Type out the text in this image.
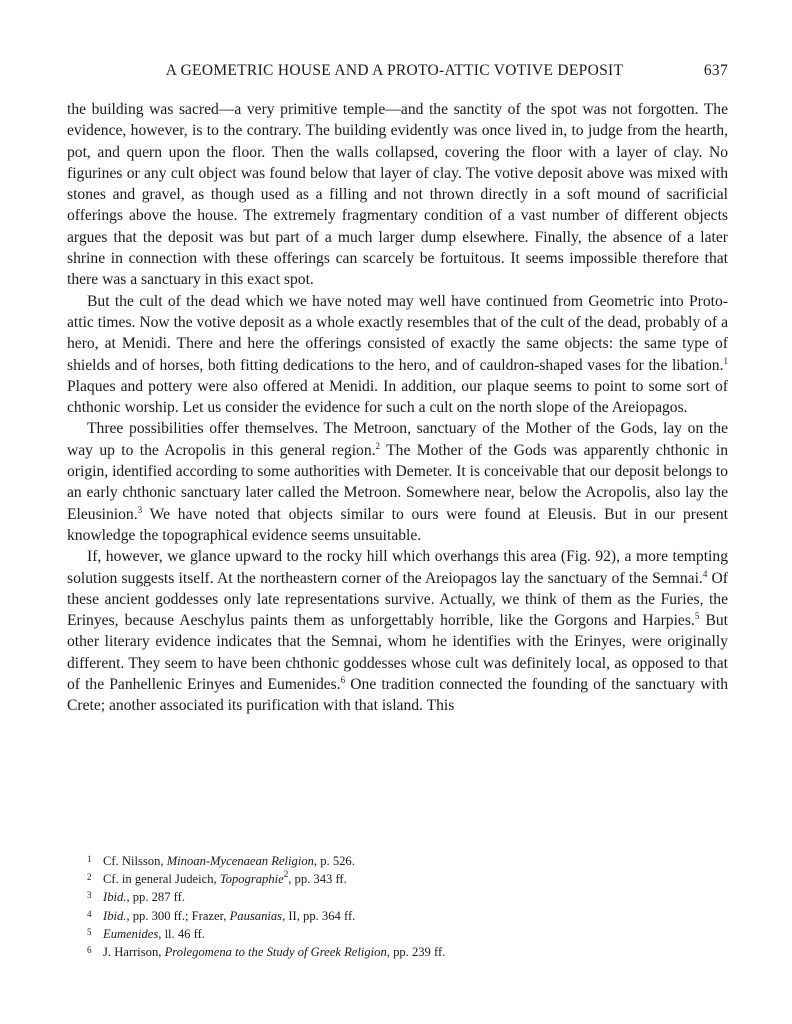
A GEOMETRIC HOUSE AND A PROTO-ATTIC VOTIVE DEPOSIT	637

the building was sacred—a very primitive temple—and the sanctity of the spot was not forgotten. The evidence, however, is to the contrary. The building evidently was once lived in, to judge from the hearth, pot, and quern upon the floor. Then the walls collapsed, covering the floor with a layer of clay. No figurines or any cult object was found below that layer of clay. The votive deposit above was mixed with stones and gravel, as though used as a filling and not thrown directly in a soft mound of sacrificial offerings above the house. The extremely fragmentary condition of a vast number of different objects argues that the deposit was but part of a much larger dump elsewhere. Finally, the absence of a later shrine in connection with these offerings can scarcely be fortuitous. It seems impossible therefore that there was a sanctuary in this exact spot.

But the cult of the dead which we have noted may well have continued from Geometric into Proto-attic times. Now the votive deposit as a whole exactly resembles that of the cult of the dead, probably of a hero, at Menidi. There and here the offerings consisted of exactly the same objects: the same type of shields and of horses, both fitting dedications to the hero, and of cauldron-shaped vases for the libation.$^1$ Plaques and pottery were also offered at Menidi. In addition, our plaque seems to point to some sort of chthonic worship. Let us consider the evidence for such a cult on the north slope of the Areiopagos.

Three possibilities offer themselves. The Metroon, sanctuary of the Mother of the Gods, lay on the way up to the Acropolis in this general region.$^2$ The Mother of the Gods was apparently chthonic in origin, identified according to some authorities with Demeter. It is conceivable that our deposit belongs to an early chthonic sanctuary later called the Metroon. Somewhere near, below the Acropolis, also lay the Eleusinion.$^3$ We have noted that objects similar to ours were found at Eleusis. But in our present knowledge the topographical evidence seems unsuitable.

If, however, we glance upward to the rocky hill which overhangs this area (Fig. 92), a more tempting solution suggests itself. At the northeastern corner of the Areiopagos lay the sanctuary of the Semnai.$^4$ Of these ancient goddesses only late representations survive. Actually, we think of them as the Furies, the Erinyes, because Aeschylus paints them as unforgettably horrible, like the Gorgons and Harpies.$^5$ But other literary evidence indicates that the Semnai, whom he identifies with the Erinyes, were originally different. They seem to have been chthonic goddesses whose cult was definitely local, as opposed to that of the Panhellenic Erinyes and Eumenides.$^6$ One tradition connected the founding of the sanctuary with Crete; another associated its purification with that island. This

1 Cf. Nilsson, Minoan-Mycenaean Religion, p. 526.
2 Cf. in general Judeich, Topographie$^2$, pp. 343 ff.
3 Ibid., pp. 287 ff.
4 Ibid., pp. 300 ff.; Frazer, Pausanias, II, pp. 364 ff.
5 Eumenides, ll. 46 ff.
6 J. Harrison, Prolegomena to the Study of Greek Religion, pp. 239 ff.
